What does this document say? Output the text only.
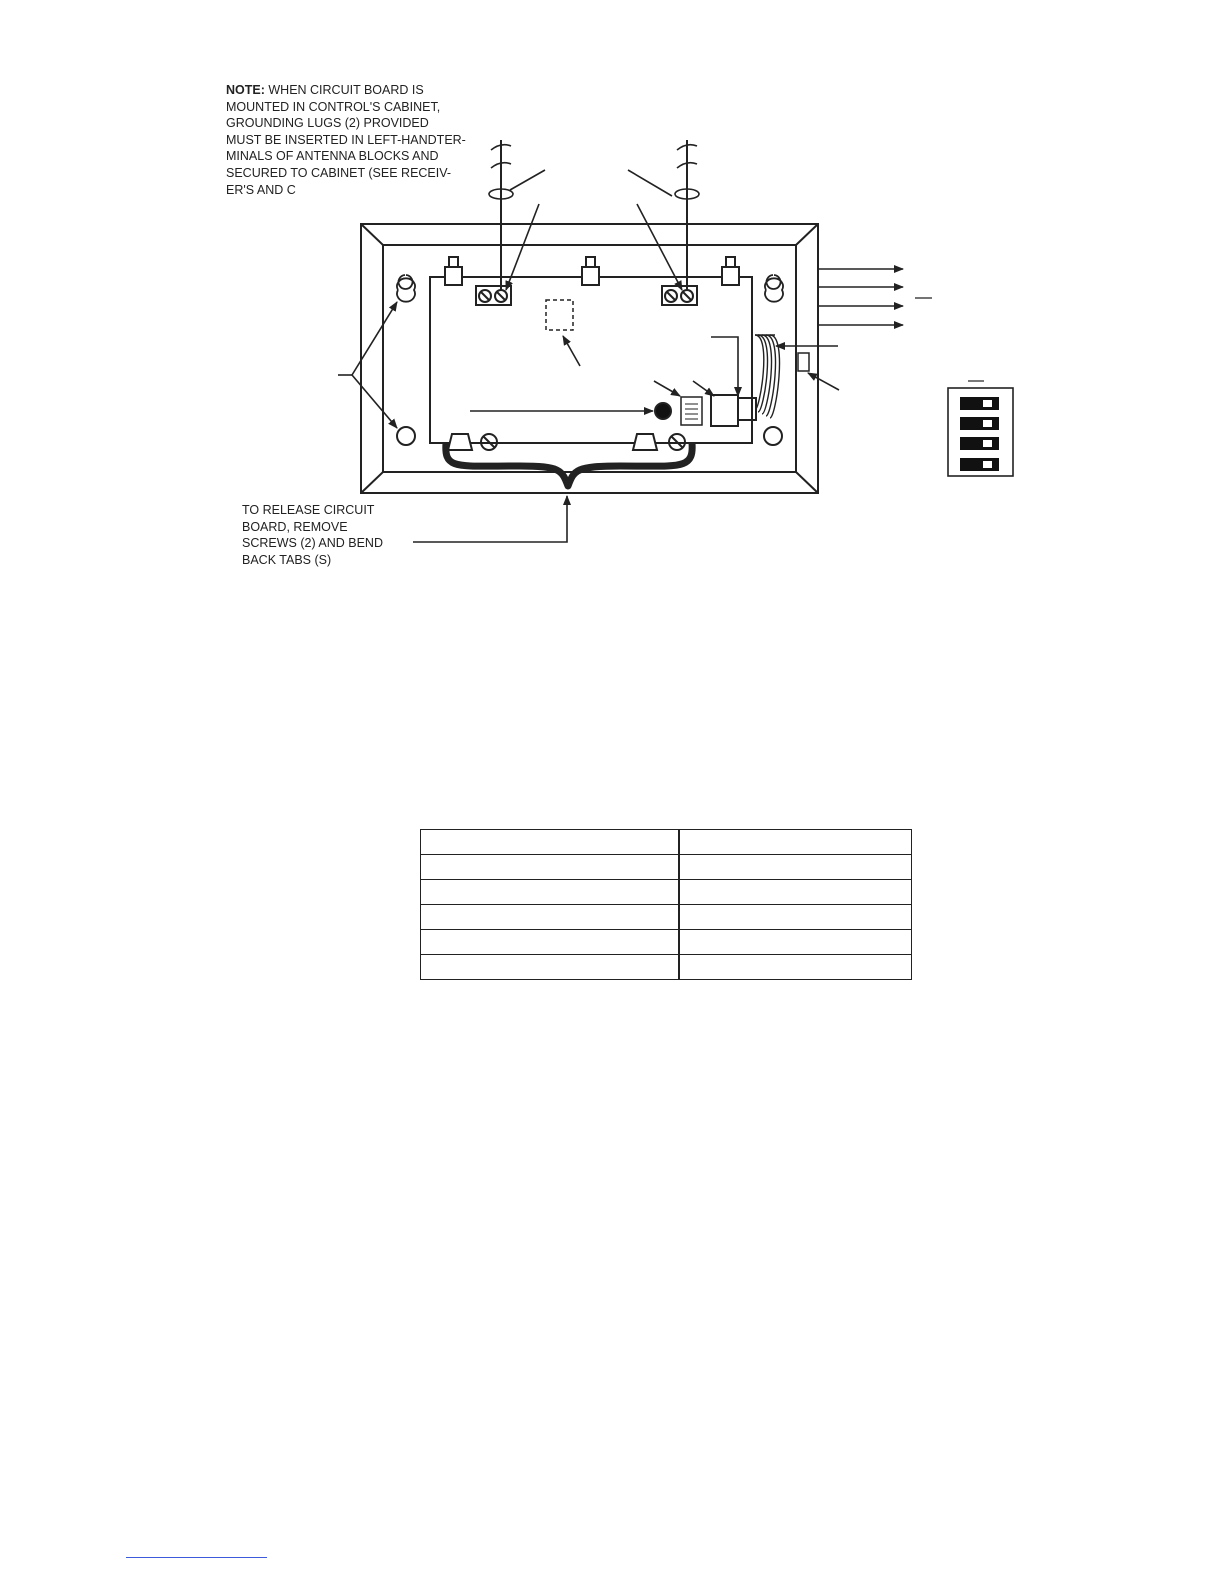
NOTE: WHEN CIRCUIT BOARD IS
MOUNTED IN CONTROL'S CABINET,
GROUNDING LUGS (2) PROVIDED
MUST BE INSERTED IN LEFT-HANDTER-
MINALS OF ANTENNA BLOCKS AND
SECURED TO CABINET (SEE RECEIV-
ER'S AND C
TO RELEASE CIRCUIT
BOARD, REMOVE
SCREWS (2) AND BEND
BACK TABS (S)
